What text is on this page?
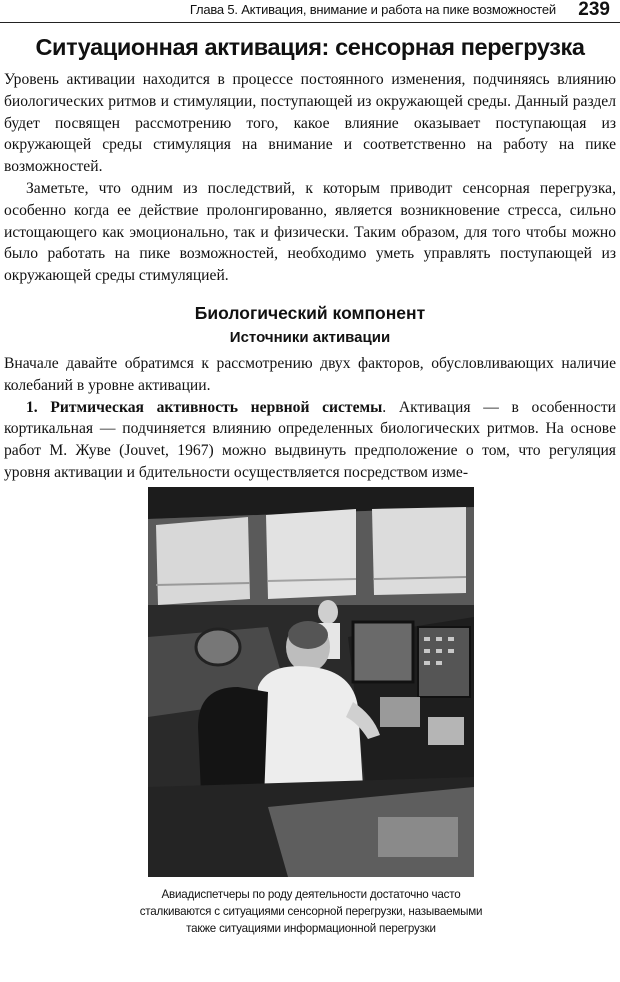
Глава 5. Активация, внимание и работа на пике возможностей 239
Ситуационная активация: сенсорная перегрузка

Уровень активации находится в процессе постоянного изменения, подчиняясь влиянию биологических ритмов и стимуляции, поступающей из окружающей среды. Данный раздел будет посвящен рассмотрению того, какое влияние оказывает поступающая из окружающей среды стимуляция на внимание и соответственно на работу на пике возможностей.

Заметьте, что одним из последствий, к которым приводит сенсорная перегрузка, особенно когда ее действие пролонгированно, является возникновение стресса, сильно истощающего как эмоционально, так и физически. Таким образом, для того чтобы можно было работать на пике возможностей, необходимо уметь управлять поступающей из окружающей среды стимуляцией.

Биологический компонент
Источники активации

Вначале давайте обратимся к рассмотрению двух факторов, обусловливающих наличие колебаний в уровне активации.

1. Ритмическая активность нервной системы. Активация — в особенности кортикальная — подчиняется влиянию определенных биологических ритмов. На основе работ М. Жуве (Jouvet, 1967) можно выдвинуть предположение о том, что регуляция уровня активации и бдительности осуществляется посредством изме-

Авиадиспетчеры по роду деятельности достаточно часто сталкиваются с ситуациями сенсорной перегрузки, называемыми также ситуациями информационной перегрузки
